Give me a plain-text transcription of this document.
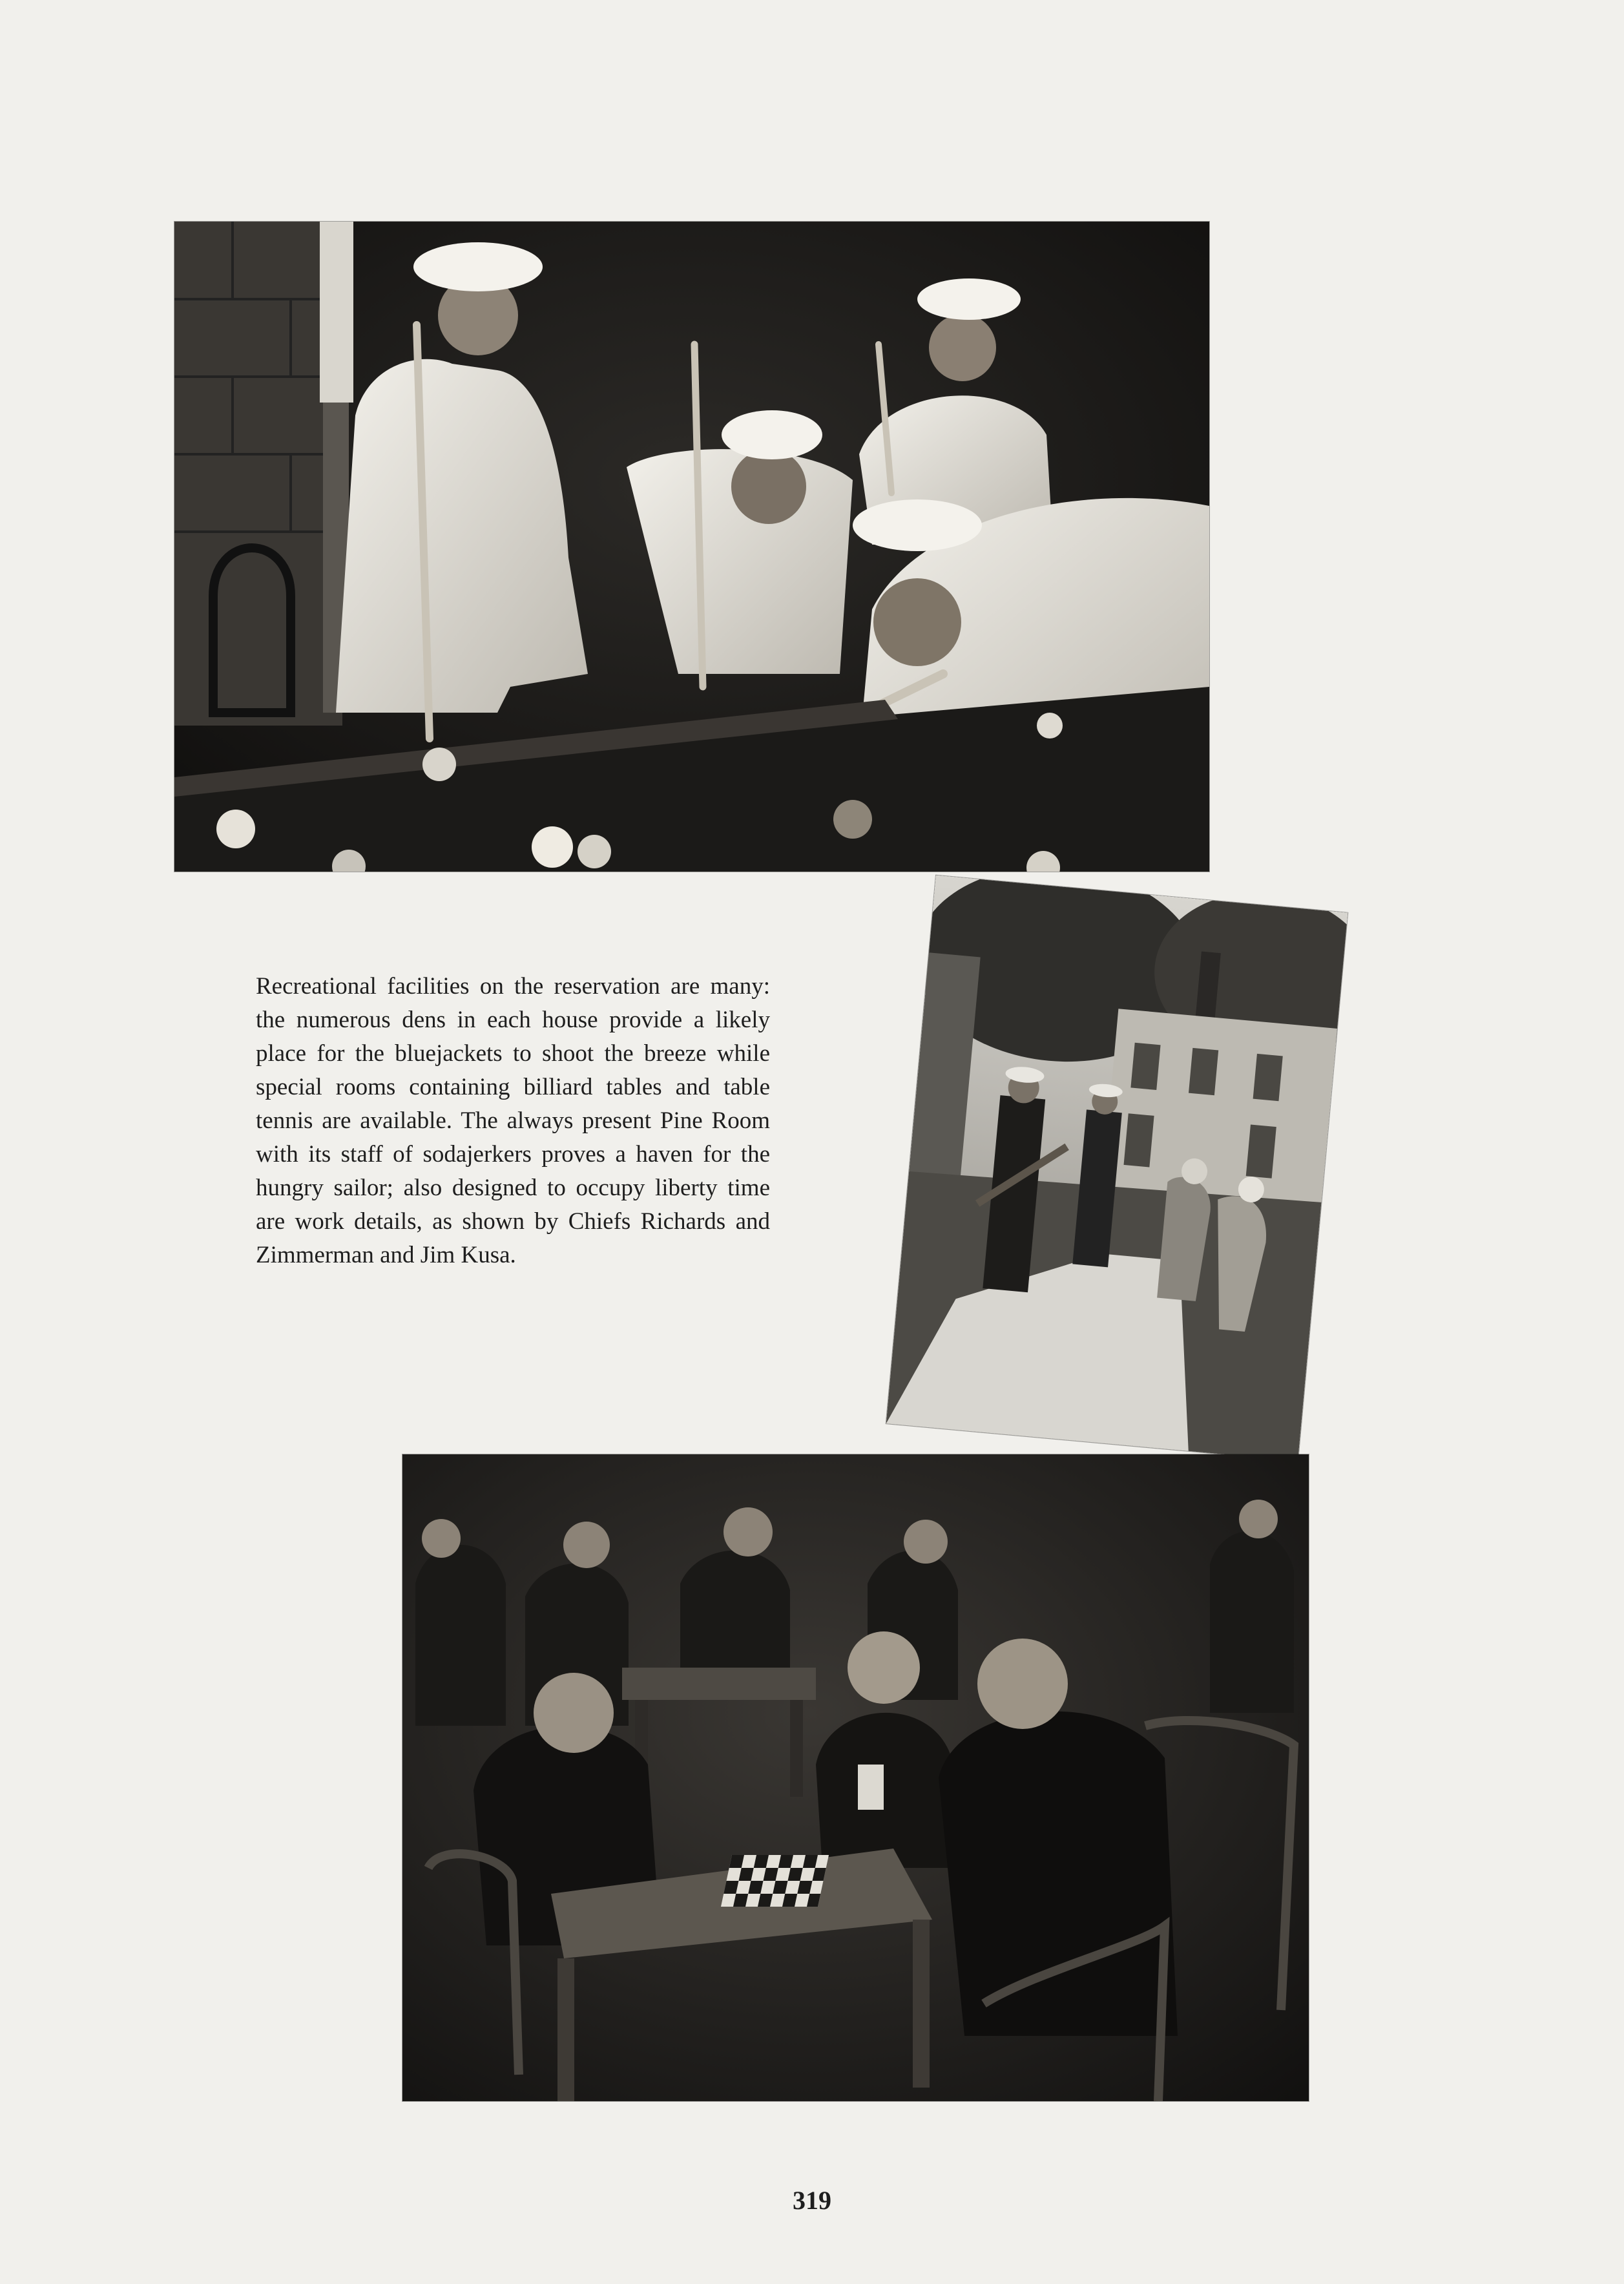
Recreational facilities on the reservation are many: the numerous dens in each house provide a likely place for the bluejackets to shoot the breeze while special rooms containing billiard tables and table tennis are available. The always present Pine Room with its staff of sodajerkers proves a haven for the hungry sailor; also designed to occupy liberty time are work details, as shown by Chiefs Richards and Zimmerman and Jim Kusa.
319
